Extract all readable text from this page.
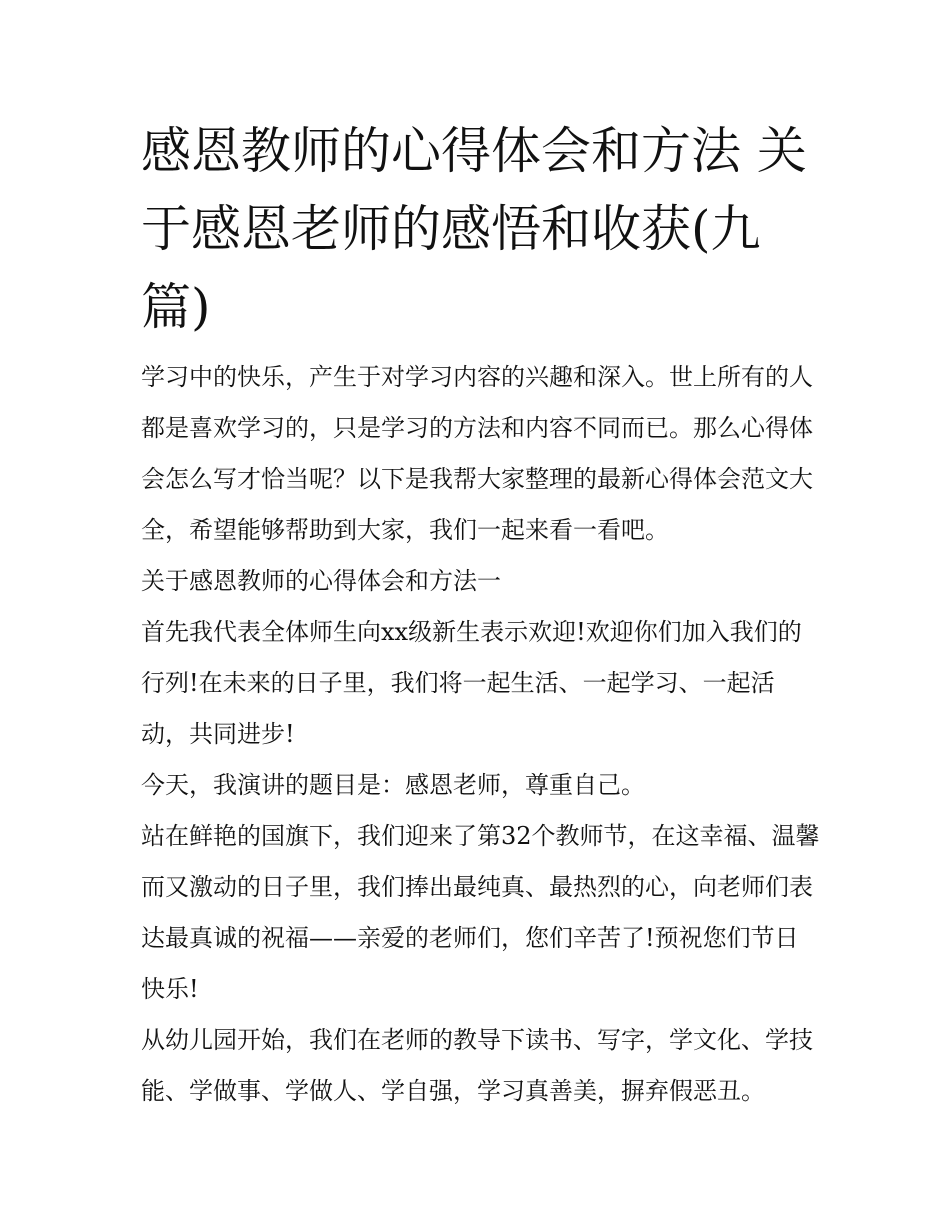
感恩教师的心得体会和方法 关于感恩老师的感悟和收获(九篇)

学习中的快乐，产生于对学习内容的兴趣和深入。世上所有的人都是喜欢学习的，只是学习的方法和内容不同而已。那么心得体会怎么写才恰当呢？以下是我帮大家整理的最新心得体会范文大全，希望能够帮助到大家，我们一起来看一看吧。

关于感恩教师的心得体会和方法一

首先我代表全体师生向xx级新生表示欢迎!欢迎你们加入我们的行列!在未来的日子里，我们将一起生活、一起学习、一起活动，共同进步!

今天，我演讲的题目是：感恩老师，尊重自己。

站在鲜艳的国旗下，我们迎来了第32个教师节，在这幸福、温馨而又激动的日子里，我们捧出最纯真、最热烈的心，向老师们表达最真诚的祝福——亲爱的老师们，您们辛苦了!预祝您们节日快乐!

从幼儿园开始，我们在老师的教导下读书、写字，学文化、学技能、学做事、学做人、学自强，学习真善美，摒弃假恶丑。
